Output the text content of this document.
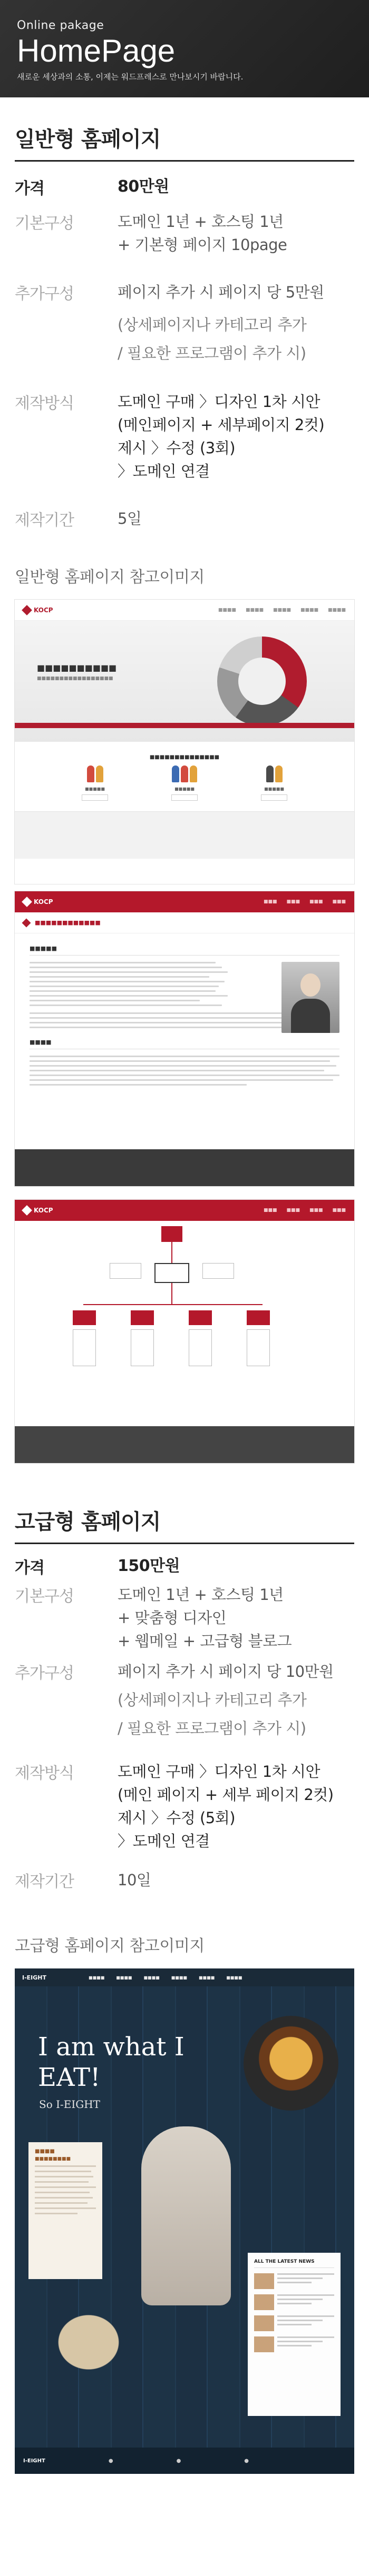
Online pakage
HomePage
새로운 세상과의 소통, 이제는 워드프레스로 만나보시기 바랍니다.
일반형 홈페이지
가격	80만원
기본구성	도메인 1년 + 호스팅 1년
+ 기본형 페이지 10page
추가구성	페이지 추가 시 페이지 당 5만원
(상세페이지나 카테고리 추가
/ 필요한 프로그램이 추가 시)
제작방식	도메인 구매 〉디자인 1차 시안
(메인페이지 + 세부페이지 2컷)
제시 〉수정 (3회)
〉도메인 연결
제작기간	5일
일반형 홈페이지 참고이미지
KOCP	■■■■ ■■■■ ■■■■ ■■■■ ■■■■
■■■■■■■■■■
■■■■■■■■■■■■■■■■■
■■■■■■■■■■■■■■
■■■■■	■■■■■	■■■■■
KOCP	■■■ ■■■ ■■■ ■■■
■■■■■■■■■■■■
■■■■■
■■■■
KOCP	■■■ ■■■ ■■■ ■■■
고급형 홈페이지
가격	150만원
기본구성	도메인 1년 + 호스팅 1년
+ 맞춤형 디자인
+ 웹메일 + 고급형 블로그
추가구성	페이지 추가 시 페이지 당 10만원
(상세페이지나 카테고리 추가
/ 필요한 프로그램이 추가 시)
제작방식	도메인 구매 〉디자인 1차 시안
(메인 페이지 + 세부 페이지 2컷)
제시 〉수정 (5회)
〉도메인 연결
제작기간	10일
고급형 홈페이지 참고이미지
I-EIGHT	■■■■	■■■■	■■■■	■■■■	■■■■	■■■■
I am what I
EAT!
So I-EIGHT
■■■■
■■■■■■■■
ALL THE LATEST NEWS
I-EIGHT	●	●	●
